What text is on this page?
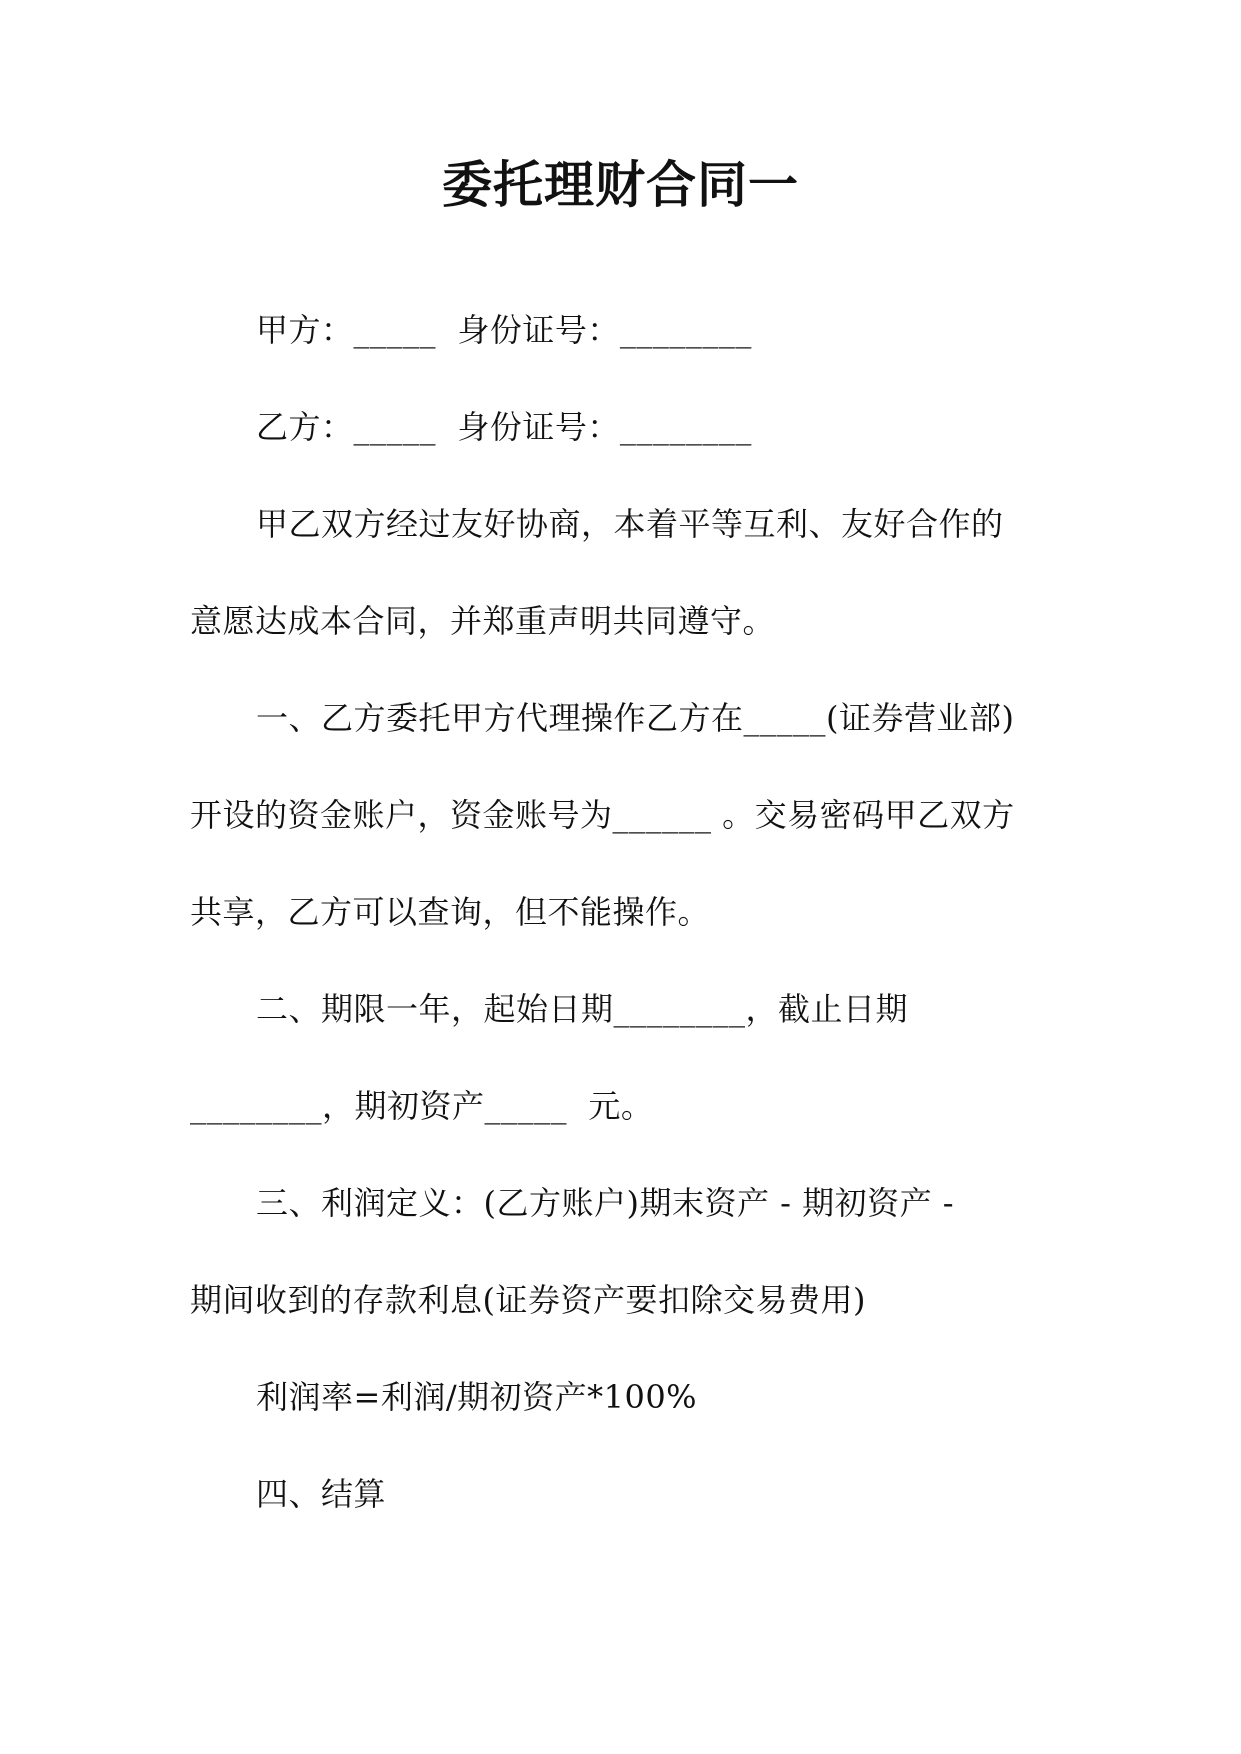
委托理财合同一
甲方：_____  身份证号：________
乙方：_____  身份证号：________
甲乙双方经过友好协商，本着平等互利、友好合作的
意愿达成本合同，并郑重声明共同遵守。
一、乙方委托甲方代理操作乙方在_____(证券营业部)
开设的资金账户，资金账号为______ 。交易密码甲乙双方
共享，乙方可以查询，但不能操作。
二、期限一年，起始日期________，截止日期
________，期初资产_____  元。
三、利润定义：(乙方账户)期末资产 - 期初资产 -
期间收到的存款利息(证券资产要扣除交易费用)
利润率=利润/期初资产*100%
四、结算
